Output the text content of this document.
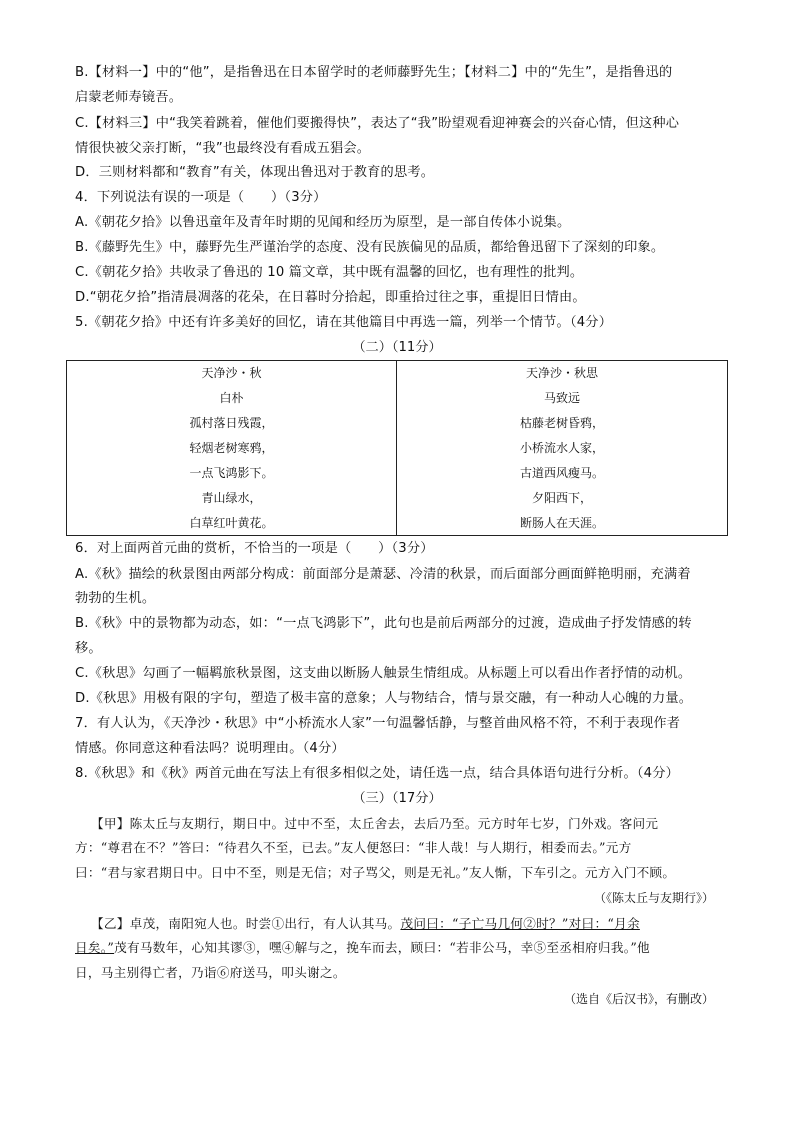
B.【材料一】中的“他”，是指鲁迅在日本留学时的老师藤野先生；【材料二】中的“先生”，是指鲁迅的
启蒙老师寿镜吾。
C.【材料三】中“我笑着跳着，催他们要搬得快”，表达了“我”盼望观看迎神赛会的兴奋心情，但这种心
情很快被父亲打断，“我”也最终没有看成五猖会。
D．三则材料都和“教育”有关，体现出鲁迅对于教育的思考。
4．下列说法有误的一项是（　　）（3分）
A.《朝花夕拾》以鲁迅童年及青年时期的见闻和经历为原型，是一部自传体小说集。
B.《藤野先生》中，藤野先生严谨治学的态度、没有民族偏见的品质，都给鲁迅留下了深刻的印象。
C.《朝花夕拾》共收录了鲁迅的 10 篇文章，其中既有温馨的回忆，也有理性的批判。
D.“朝花夕拾”指清晨凋落的花朵，在日暮时分拾起，即重拾过往之事，重提旧日情由。
5.《朝花夕拾》中还有许多美好的回忆，请在其他篇目中再选一篇，列举一个情节。（4分）
（二）（11分）
天净沙・秋
白朴
孤村落日残霞，
轻烟老树寒鸦，
一点飞鸿影下。
青山绿水，
白草红叶黄花。
天净沙・秋思
马致远
枯藤老树昏鸦，
小桥流水人家，
古道西风瘦马。
夕阳西下，
断肠人在天涯。
6．对上面两首元曲的赏析，不恰当的一项是（　　）（3分）
A.《秋》描绘的秋景图由两部分构成：前面部分是萧瑟、冷清的秋景，而后面部分画面鲜艳明丽，充满着
勃勃的生机。
B.《秋》中的景物都为动态，如：“一点飞鸿影下”，此句也是前后两部分的过渡，造成曲子抒发情感的转
移。
C.《秋思》勾画了一幅羁旅秋景图，这支曲以断肠人触景生情组成。从标题上可以看出作者抒情的动机。
D.《秋思》用极有限的字句，塑造了极丰富的意象；人与物结合，情与景交融，有一种动人心魄的力量。
7．有人认为，《天净沙・秋思》中“小桥流水人家”一句温馨恬静，与整首曲风格不符，不利于表现作者
情感。你同意这种看法吗？说明理由。（4分）
8.《秋思》和《秋》两首元曲在写法上有很多相似之处，请任选一点，结合具体语句进行分析。（4分）
（三）（17分）
【甲】陈太丘与友期行，期日中。过中不至，太丘舍去，去后乃至。元方时年七岁，门外戏。客问元
方：“尊君在不？”答曰：“待君久不至，已去。”友人便怒曰：“非人哉！与人期行，相委而去。”元方
曰：“君与家君期日中。日中不至，则是无信；对子骂父，则是无礼。”友人惭，下车引之。元方入门不顾。
（《陈太丘与友期行》）
【乙】卓茂，南阳宛人也。时尝①出行，有人认其马。茂问曰：“子亡马几何②时？”对曰：“月余
日矣。”茂有马数年，心知其谬③，嘿④解与之，挽车而去，顾曰：“若非公马，幸⑤至丞相府归我。”他
日，马主别得亡者，乃诣⑥府送马，叩头谢之。
（选自《后汉书》，有删改）
